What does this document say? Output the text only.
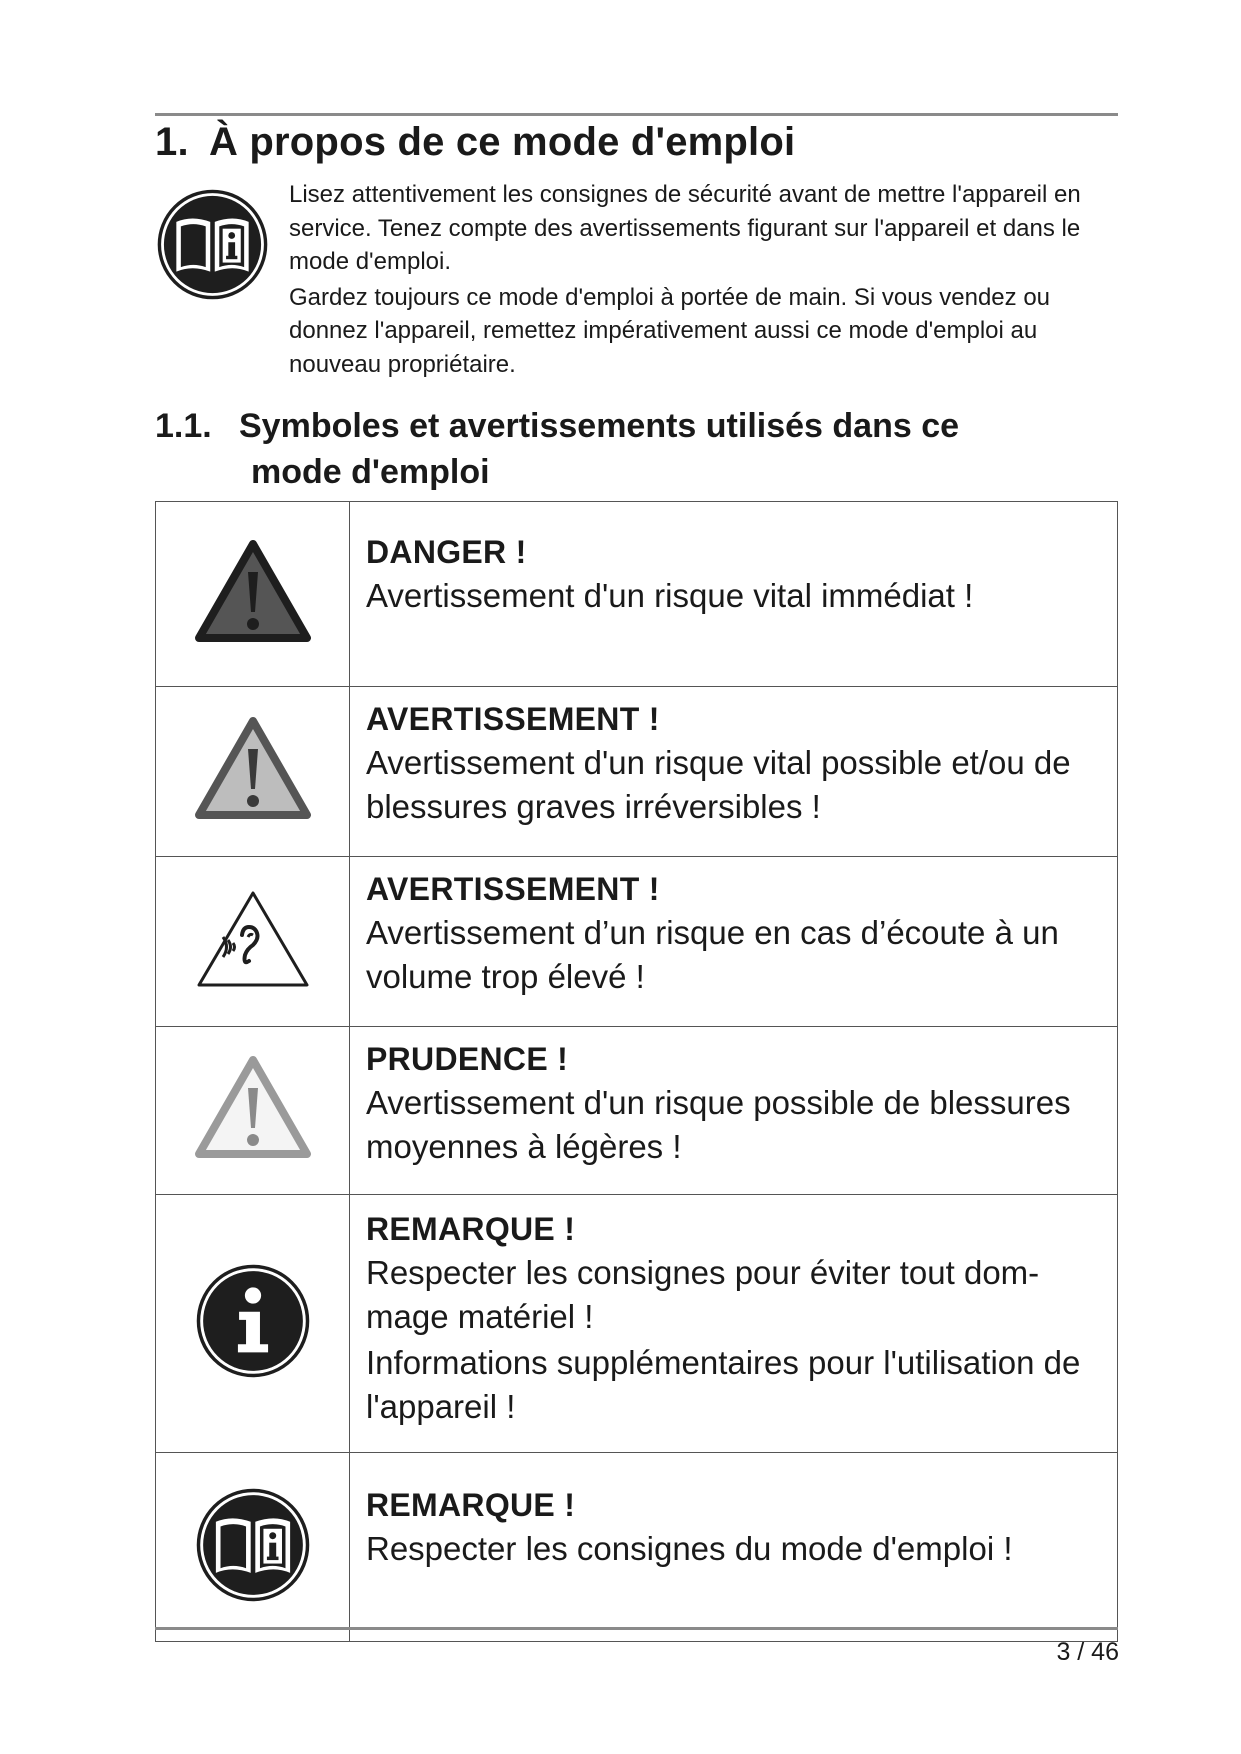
1. À propos de ce mode d'emploi

Lisez attentivement les consignes de sécurité avant de mettre l'appareil en service. Tenez compte des avertissements figurant sur l'appareil et dans le mode d'emploi.

Gardez toujours ce mode d'emploi à portée de main. Si vous vendez ou donnez l'appareil, remettez impérativement aussi ce mode d'emploi au nouveau propriétaire.

1.1. Symboles et avertissements utilisés dans ce
mode d'emploi

DANGER !
Avertissement d'un risque vital immédiat !

AVERTISSEMENT !
Avertissement d'un risque vital possible et/ou de blessures graves irréversibles !

AVERTISSEMENT !
Avertissement d’un risque en cas d’écoute à un volume trop élevé !

PRUDENCE !
Avertissement d'un risque possible de blessures moyennes à légères !

REMARQUE !
Respecter les consignes pour éviter tout dom-mage matériel !
Informations supplémentaires pour l'utilisation de l'appareil !

REMARQUE !
Respecter les consignes du mode d'emploi !
3 / 46
